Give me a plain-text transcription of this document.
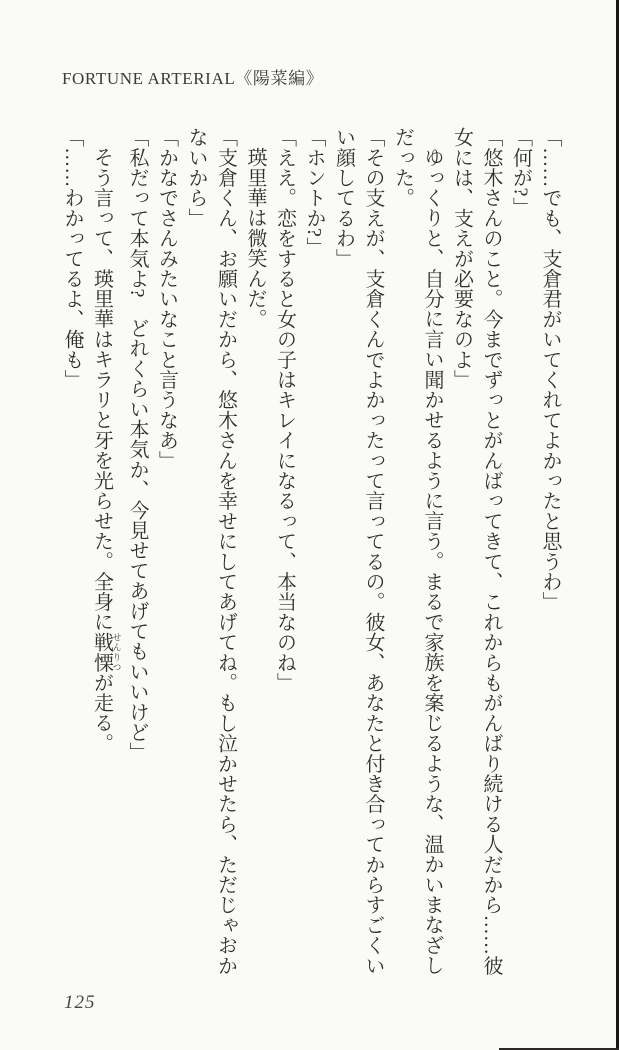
FORTUNE ARTERIAL《陽菜編》
「……でも、支倉君がいてくれてよかったと思うわ」
「何が?」
「悠木さんのこと。今までずっとがんばってきて、これからもがんばり続ける人だから……彼
女には、支えが必要なのよ」
ゆっくりと、自分に言い聞かせるように言う。まるで家族を案じるような、温かいまなざし
だった。
「その支えが、支倉くんでよかったって言ってるの。彼女、あなたと付き合ってからすごくい
い顔してるわ」
「ホントか?」
「ええ。恋をすると女の子はキレイになるって、本当なのね」
瑛里華は微笑んだ。
「支倉くん、お願いだから、悠木さんを幸せにしてあげてね。もし泣かせたら、ただじゃおか
ないから」
「かなでさんみたいなこと言うなあ」
「私だって本気よ?　どれくらい本気か、今見せてあげてもいいけど」
そう言って、瑛里華はキラリと牙を光らせた。全身に戦慄 せんりつが走る。
「……わかってるよ、俺も」
125
